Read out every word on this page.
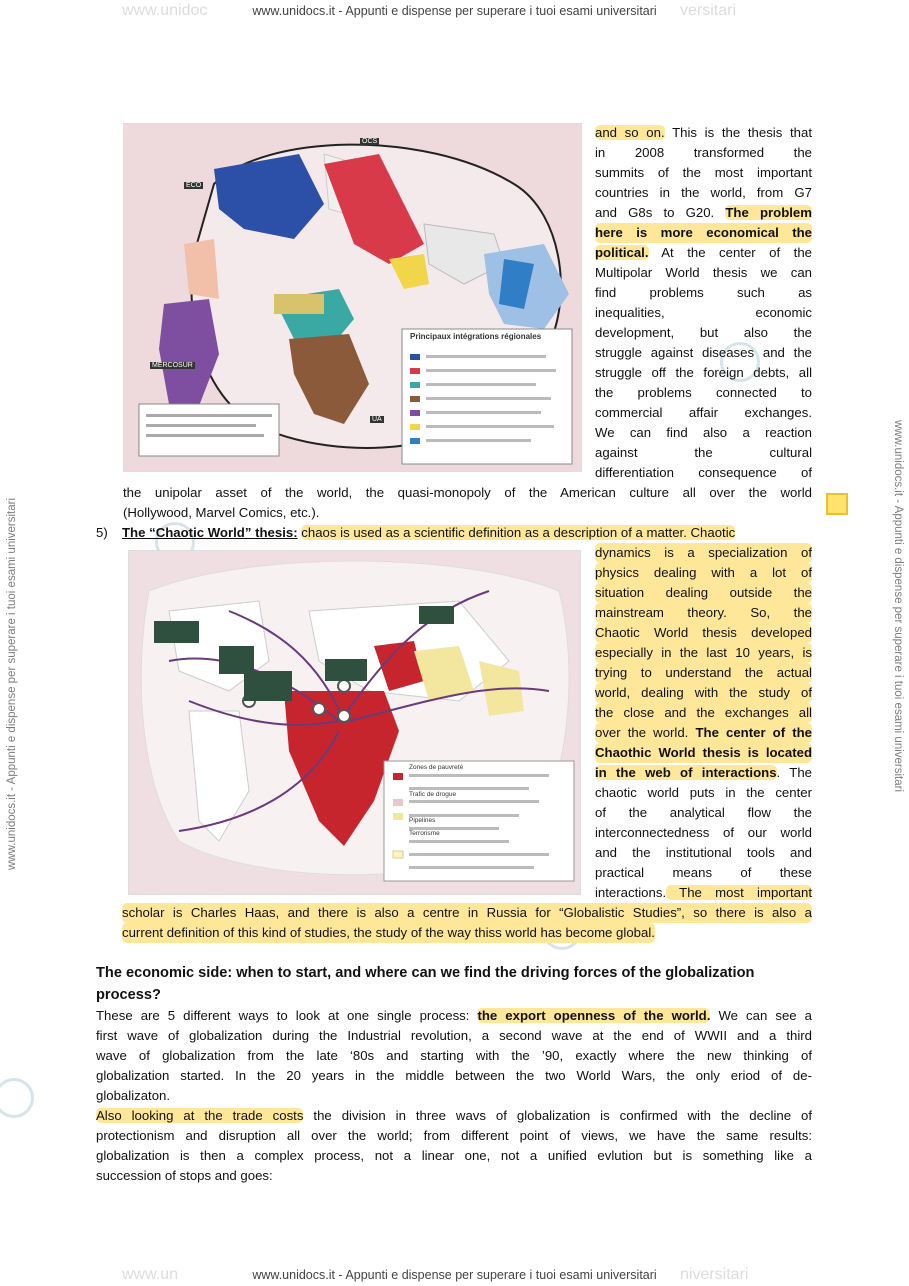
www.unidoc	versitari
www.unidocs.it - Appunti e dispense per superare i tuoi esami universitari
www.un	niversitari
www.unidocs.it - Appunti e dispense per superare i tuoi esami universitari
www.unidocs.it - Appunti e dispense per superare i tuoi esami universitari	www.unidocs.it - Appunti e dispense per superare i tuoi esami universitari
Principaux intégrations régionales
MERCOSUR
OCS
ECO
UA
and so on. This is the thesis that
in 2008 transformed the
summits of the most important
countries in the world, from G7
and G8s to G20. The problem
here is more economical the
political. At the center of the
Multipolar World thesis we can
find problems such as
inequalities, economic
development, but also the
struggle against diseases and the
struggle off the foreign debts, all
the problems connected to
commercial affair exchanges.
We can find also a reaction
against the cultural
differentiation consequence of
the unipolar asset of the world, the quasi-monopoly of the American culture all over the world
(Hollywood, Marvel Comics, etc.).
5) The “Chaotic World” thesis: chaos is used as a scientific definition as a description of a matter. Chaotic
Zones de pauvreté
Trafic de drogue
Pipelines
Terrorisme
dynamics is a specialization of
physics dealing with a lot of
situation dealing outside the
mainstream theory. So, the
Chaotic World thesis developed
especially in the last 10 years, is
trying to understand the actual
world, dealing with the study of
the close and the exchanges all
over the world. The center of the
Chaothic World thesis is located
in the web of interactions. The
chaotic world puts in the center
of the analytical flow the
interconnectedness of our world
and the institutional tools and
practical means of these
interactions. The most important
scholar is Charles Haas, and there is also a centre in Russia for “Globalistic Studies”, so there is also a
current definition of this kind of studies, the study of the way thiss world has become global.
The economic side: when to start, and where can we find the driving forces of the globalization
process?
These are 5 different ways to look at one single process: the export openness of the world. We can see a
first wave of globalization during the Industrial revolution, a second wave at the end of WWII and a third
wave of globalization from the late ‘80s and starting with the ’90, exactly where the new thinking of
globalization started. In the 20 years in the middle between the two World Wars, the only eriod of de-
globalizaton.
Also looking at the trade costs the division in three wavs of globalization is confirmed with the decline of
protectionism and disruption all over the world; from different point of views, we have the same results:
globalization is then a complex process, not a linear one, not a unified evlution but is something like a
succession of stops and goes:
